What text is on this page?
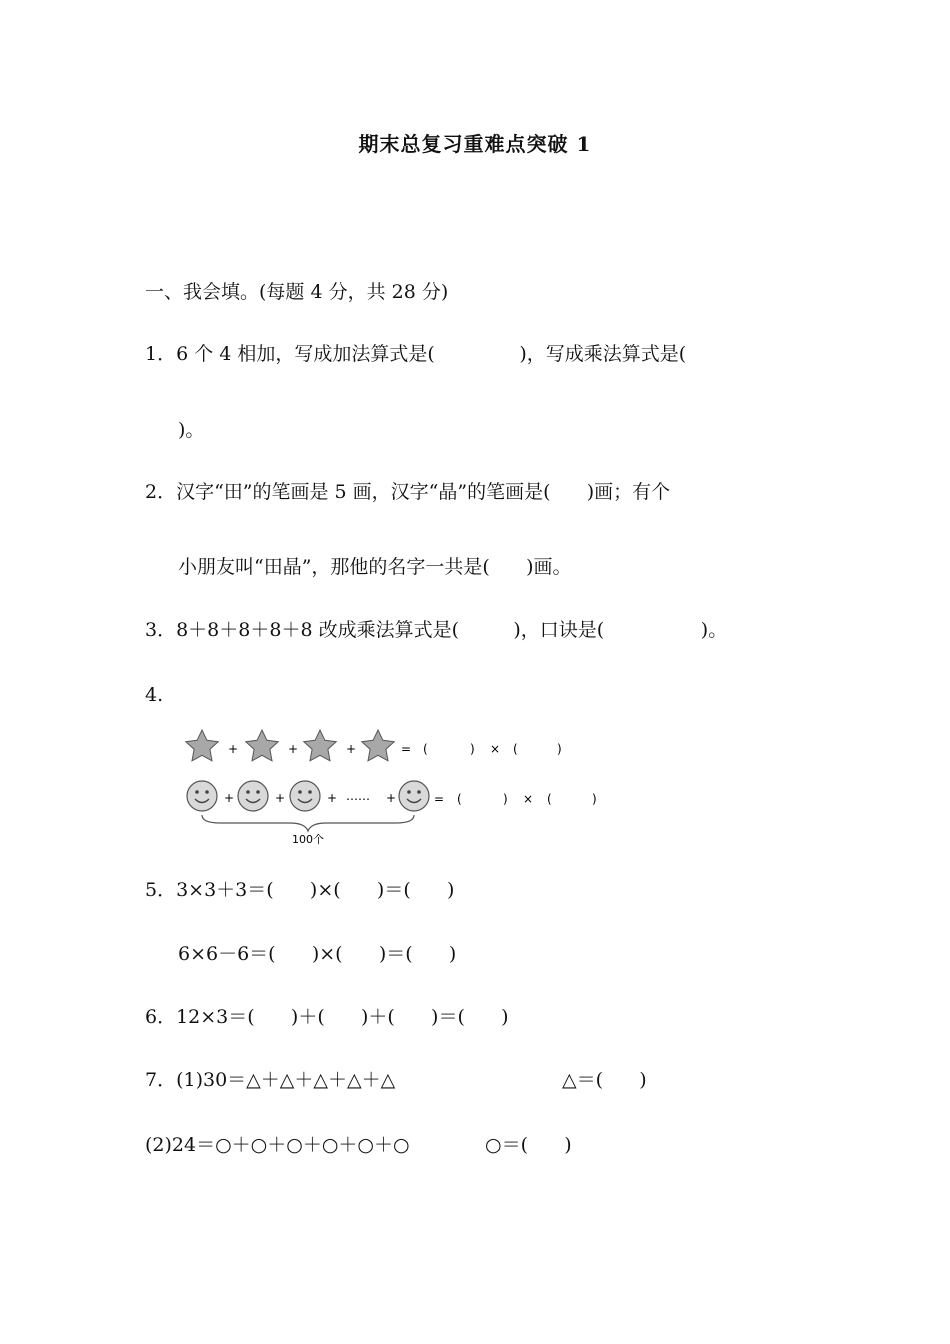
期末总复习重难点突破 1
一、我会填。(每题 4 分，共 28 分)
1．6 个 4 相加，写成加法算式是(              )，写成乘法算式是(
)。
2．汉字“田”的笔画是 5 画，汉字“晶”的笔画是(      )画；有个
小朋友叫“田晶”，那他的名字一共是(      )画。
3．8＋8＋8＋8＋8 改成乘法算式是(         )，口诀是(                )。
4.
+	+	+	= (	) × (	)
+	+	+ …… +	= (	) × (	)
100个
5．3×3＋3＝(      )×(      )＝(      )
6×6－6＝(      )×(      )＝(      )
6．12×3＝(      )＋(      )＋(      )＝(      )
7．(1)30＝△＋△＋△＋△＋△	△＝(      )
(2)24＝○＋○＋○＋○＋○＋○	○＝(      )
